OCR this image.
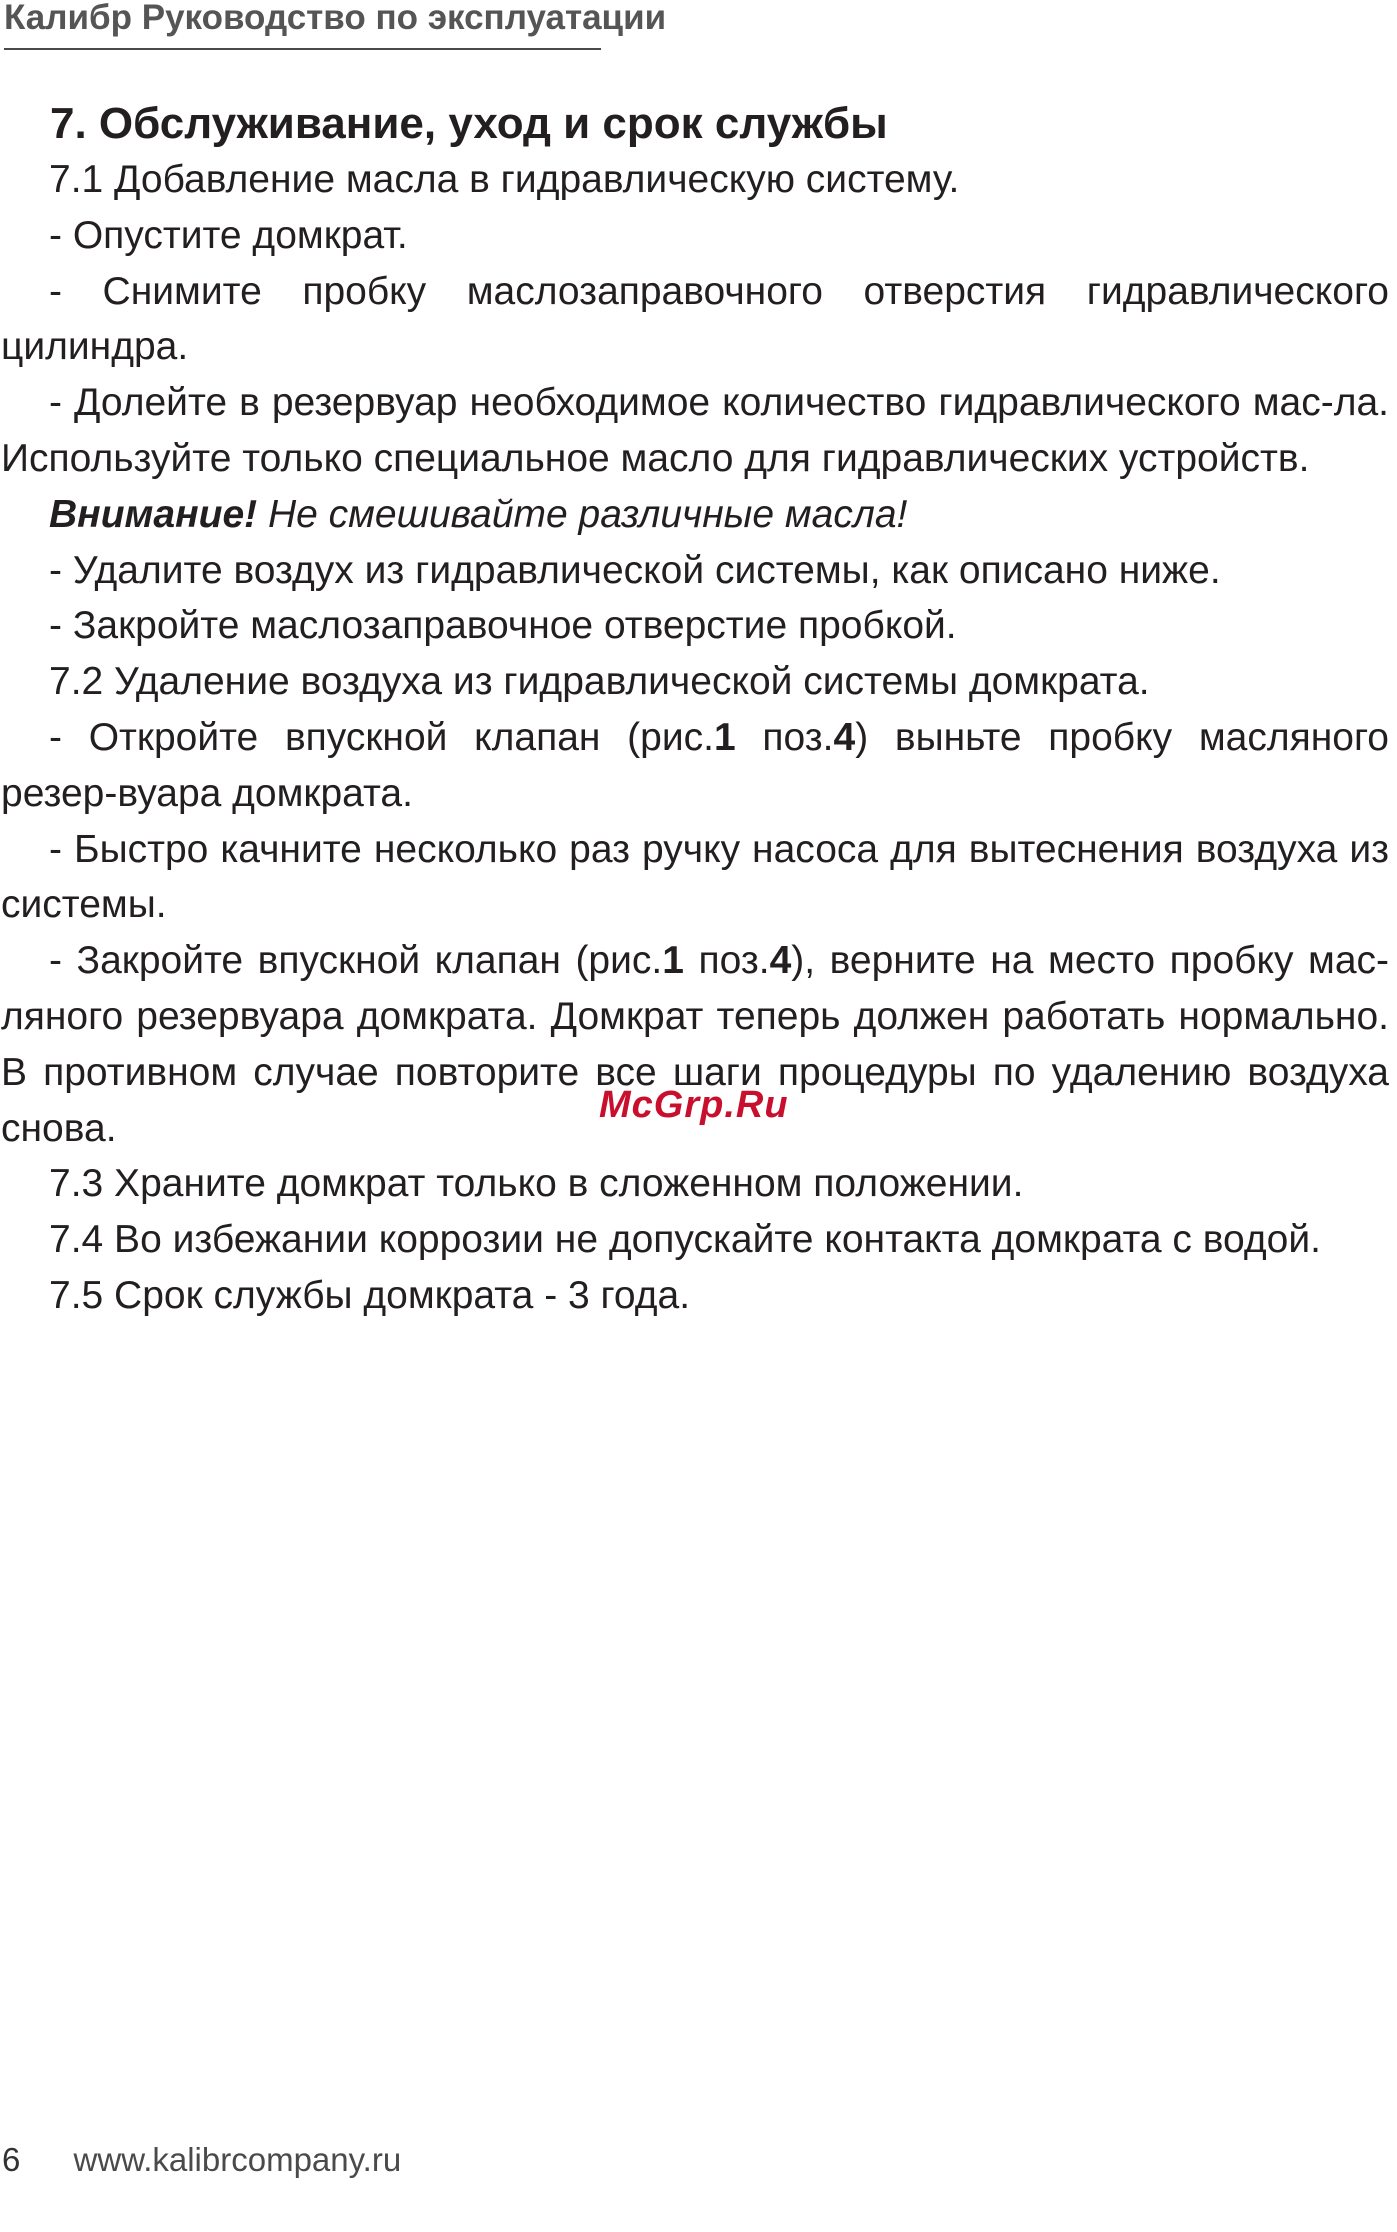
Калибр Руководство по эксплуатации
7. Обслуживание, уход и срок службы

7.1 Добавление масла в гидравлическую систему.

- Опустите домкрат.

- Снимите пробку маслозаправочного отверстия гидравлического цилиндра.

- Долейте в резервуар необходимое количество гидравлического мас-ла. Используйте только специальное масло для гидравлических устройств.

Внимание! Не смешивайте различные масла!

- Удалите воздух из гидравлической системы, как описано ниже.

- Закройте маслозаправочное отверстие пробкой.

7.2 Удаление воздуха из гидравлической системы домкрата.

- Откройте впускной клапан (рис.1 поз.4) выньте пробку масляного резер-вуара домкрата.

- Быстро качните несколько раз ручку насоса для вытеснения воздуха из системы.

- Закройте впускной клапан (рис.1 поз.4), верните на место пробку мас-ляного резервуара домкрата. Домкрат теперь должен работать нормально. В противном случае повторите все шаги процедуры по удалению воздуха снова.

7.3 Храните домкрат только в сложенном положении.

7.4 Во избежании коррозии не допускайте контакта домкрата с водой.

7.5 Срок службы домкрата - 3 года.

McGrp.Ru
6 www.kalibrcompany.ru
